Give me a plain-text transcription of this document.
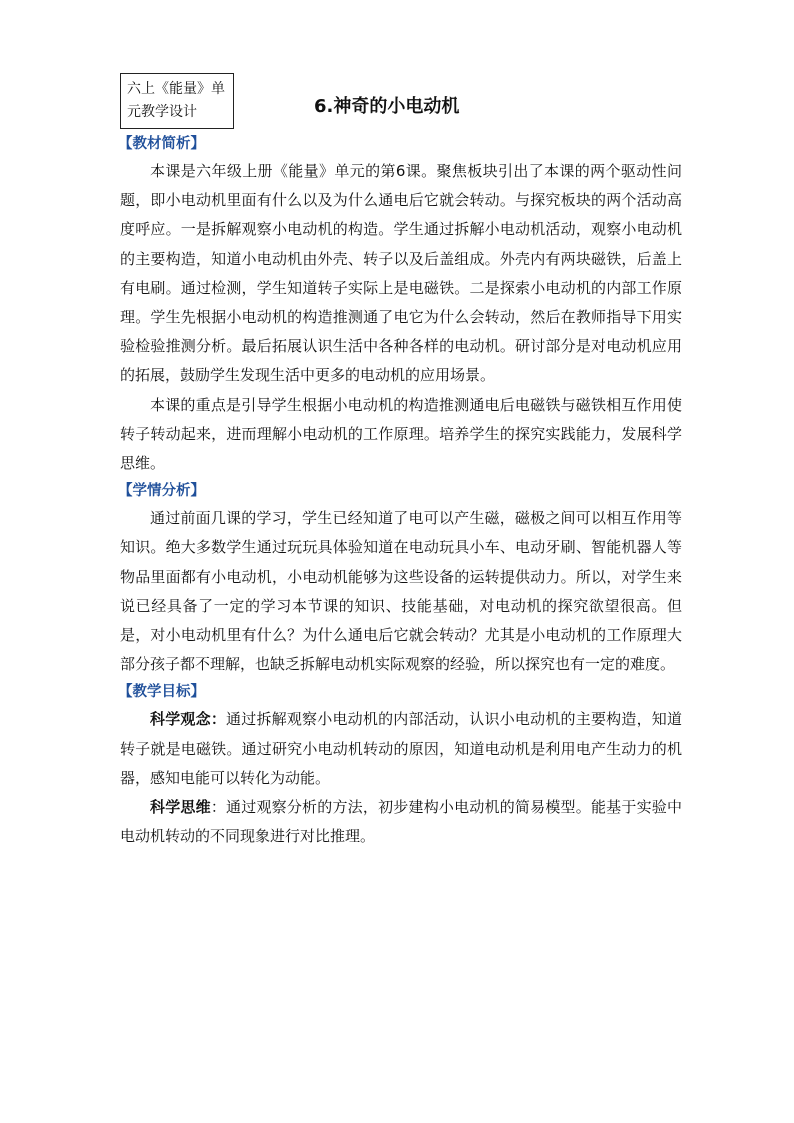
六上《能量》单
元教学设计	6.神奇的小电动机

【教材简析】

本课是六年级上册《能量》单元的第6课。聚焦板块引出了本课的两个驱动性问题，即小电动机里面有什么以及为什么通电后它就会转动。与探究板块的两个活动高度呼应。一是拆解观察小电动机的构造。学生通过拆解小电动机活动，观察小电动机的主要构造，知道小电动机由外壳、转子以及后盖组成。外壳内有两块磁铁，后盖上有电刷。通过检测，学生知道转子实际上是电磁铁。二是探索小电动机的内部工作原理。学生先根据小电动机的构造推测通了电它为什么会转动，然后在教师指导下用实验检验推测分析。最后拓展认识生活中各种各样的电动机。研讨部分是对电动机应用的拓展，鼓励学生发现生活中更多的电动机的应用场景。

本课的重点是引导学生根据小电动机的构造推测通电后电磁铁与磁铁相互作用使转子转动起来，进而理解小电动机的工作原理。培养学生的探究实践能力，发展科学思维。

【学情分析】

通过前面几课的学习，学生已经知道了电可以产生磁，磁极之间可以相互作用等知识。绝大多数学生通过玩玩具体验知道在电动玩具小车、电动牙刷、智能机器人等物品里面都有小电动机，小电动机能够为这些设备的运转提供动力。所以，对学生来说已经具备了一定的学习本节课的知识、技能基础，对电动机的探究欲望很高。但是，对小电动机里有什么？为什么通电后它就会转动？尤其是小电动机的工作原理大部分孩子都不理解，也缺乏拆解电动机实际观察的经验，所以探究也有一定的难度。

【教学目标】

科学观念：通过拆解观察小电动机的内部活动，认识小电动机的主要构造，知道转子就是电磁铁。通过研究小电动机转动的原因，知道电动机是利用电产生动力的机器，感知电能可以转化为动能。

科学思维：通过观察分析的方法，初步建构小电动机的简易模型。能基于实验中电动机转动的不同现象进行对比推理。
